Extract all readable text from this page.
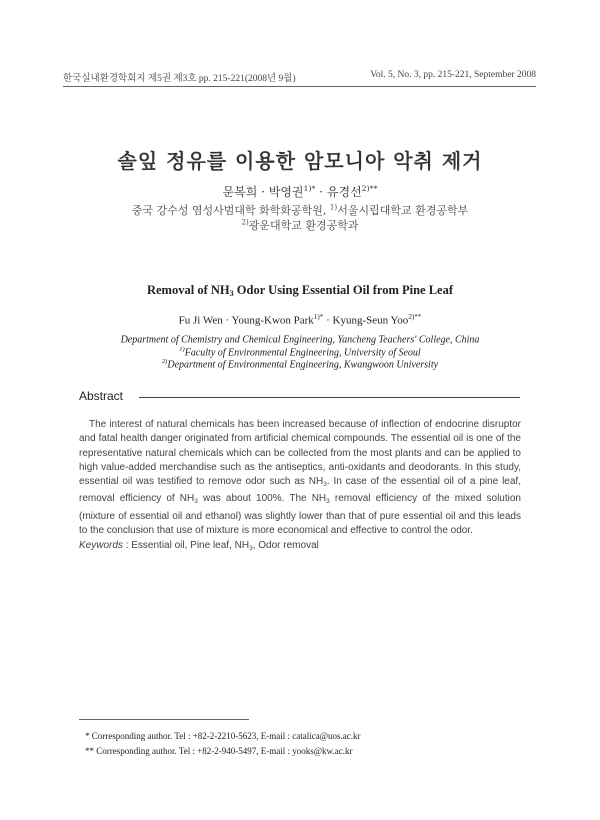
한국실내환경학회지 제5권 제3호 pp. 215-221(2008년 9월)	Vol. 5, No. 3, pp. 215-221, September 2008
솔잎 정유를 이용한 암모니아 악취 제거
문복희 · 박영권$^{1)*}$ · 유경선$^{2)**}$
중국 강수성 염성사범대학 화학화공학원, $^{1)}$서울시립대학교 환경공학부
$^{2)}$광운대학교 환경공학과
Removal of $NH_3$ Odor Using Essential Oil from Pine Leaf
Fu Ji Wen · Young-Kwon Park$^{1)*}$ · Kyung-Seun Yoo$^{2)**}$
Department of Chemistry and Chemical Engineering, Yancheng Teachers' College, China
$^{1)}$Faculty of Environmental Engineering, University of Seoul
$^{2)}$Department of Environmental Engineering, Kwangwoon University
Abstract
The interest of natural chemicals has been increased because of inflection of endocrine disruptor and fatal health danger originated from artificial chemical compounds. The essential oil is one of the representative natural chemicals which can be collected from the most plants and can be applied to high value-added merchandise such as the antiseptics, anti-oxidants and deodorants. In this study, essential oil was testified to remove odor such as $NH_3$. In case of the essential oil of a pine leaf, removal efficiency of $NH_3$ was about 100%. The $NH_3$ removal efficiency of the mixed solution (mixture of essential oil and ethanol) was slightly lower than that of pure essential oil and this leads to the conclusion that use of mixture is more economical and effective to control the odor.
Keywords : Essential oil, Pine leaf, $NH_3$, Odor removal
* Corresponding author. Tel : +82-2-2210-5623, E-mail : catalica@uos.ac.kr
** Corresponding author. Tel : +82-2-940-5497, E-mail : yooks@kw.ac.kr
